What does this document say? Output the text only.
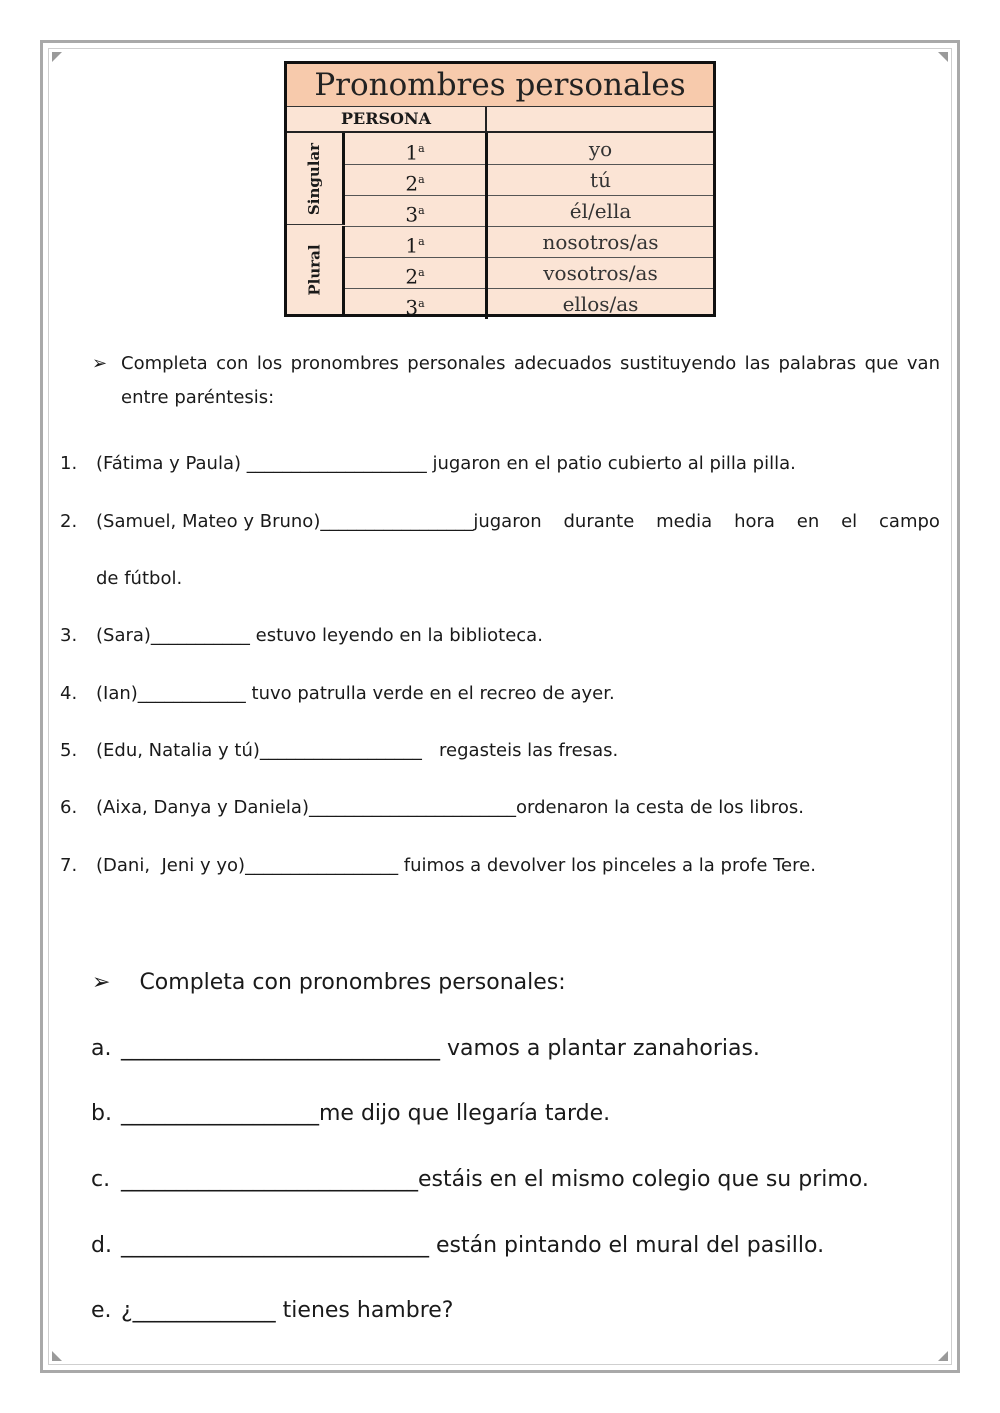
Pronombres personales
PERSONA
Singular
Plural
1$^a$	yo
2$^a$	tú
3$^a$	él/ella
1$^a$	nosotros/as
2$^a$	vosotros/as
3$^a$	ellos/as
➢ Completa con los pronombres personales adecuados sustituyendo las palabras que van entre paréntesis:
1. (Fátima y Paula) ____________________ jugaron en el patio cubierto al pilla pilla.
2.	(Samuel, Mateo y Bruno)_________________jugaron durante media hora en el campo
de fútbol.
3. (Sara)___________ estuvo leyendo en la biblioteca.
4. (Ian)____________ tuvo patrulla verde en el recreo de ayer.
5. (Edu, Natalia y tú)__________________   regasteis las fresas.
6. (Aixa, Danya y Daniela)_______________________ordenaron la cesta de los libros.
7. (Dani,  Jeni y yo)_________________ fuimos a devolver los pinceles a la profe Tere.
➢ Completa con pronombres personales:
a. _____________________________ vamos a plantar zanahorias.
b. __________________me dijo que llegaría tarde.
c. ___________________________estáis en el mismo colegio que su primo.
d. ____________________________ están pintando el mural del pasillo.
e. ¿_____________ tienes hambre?
